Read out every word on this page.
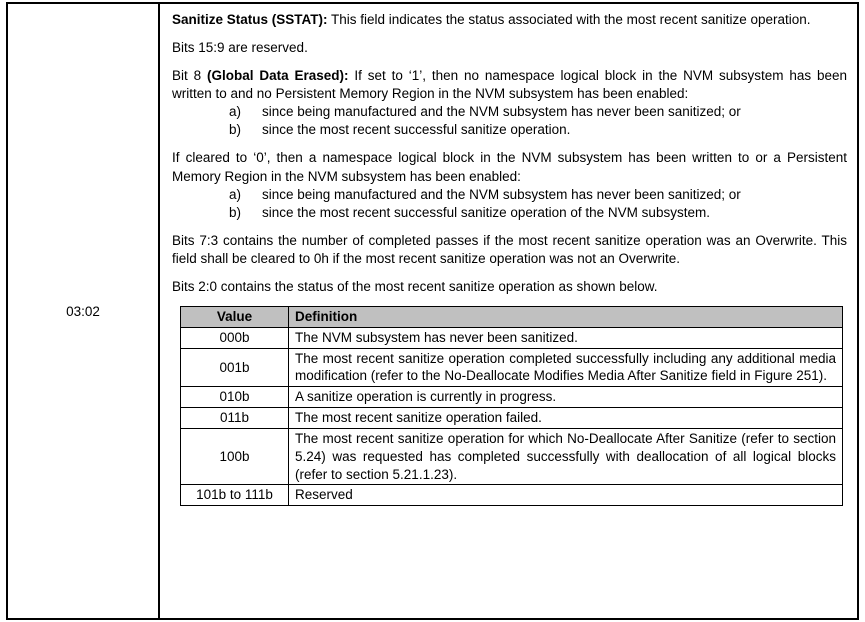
03:02

Sanitize Status (SSTAT): This field indicates the status associated with the most recent sanitize operation.

Bits 15:9 are reserved.

Bit 8 (Global Data Erased): If set to ‘1’, then no namespace logical block in the NVM subsystem has been written to and no Persistent Memory Region in the NVM subsystem has been enabled:

a)	since being manufactured and the NVM subsystem has never been sanitized; or
b)	since the most recent successful sanitize operation.

If cleared to ‘0’, then a namespace logical block in the NVM subsystem has been written to or a Persistent Memory Region in the NVM subsystem has been enabled:

a)	since being manufactured and the NVM subsystem has never been sanitized; or
b)	since the most recent successful sanitize operation of the NVM subsystem.

Bits 7:3 contains the number of completed passes if the most recent sanitize operation was an Overwrite. This field shall be cleared to 0h if the most recent sanitize operation was not an Overwrite.

Bits 2:0 contains the status of the most recent sanitize operation as shown below.

Value	Definition
000b	The NVM subsystem has never been sanitized.
001b	The most recent sanitize operation completed successfully including any additional media modification (refer to the No-Deallocate Modifies Media After Sanitize field in Figure 251).
010b	A sanitize operation is currently in progress.
011b	The most recent sanitize operation failed.
100b	The most recent sanitize operation for which No-Deallocate After Sanitize (refer to section 5.24) was requested has completed successfully with deallocation of all logical blocks (refer to section 5.21.1.23).
101b to 111b	Reserved
